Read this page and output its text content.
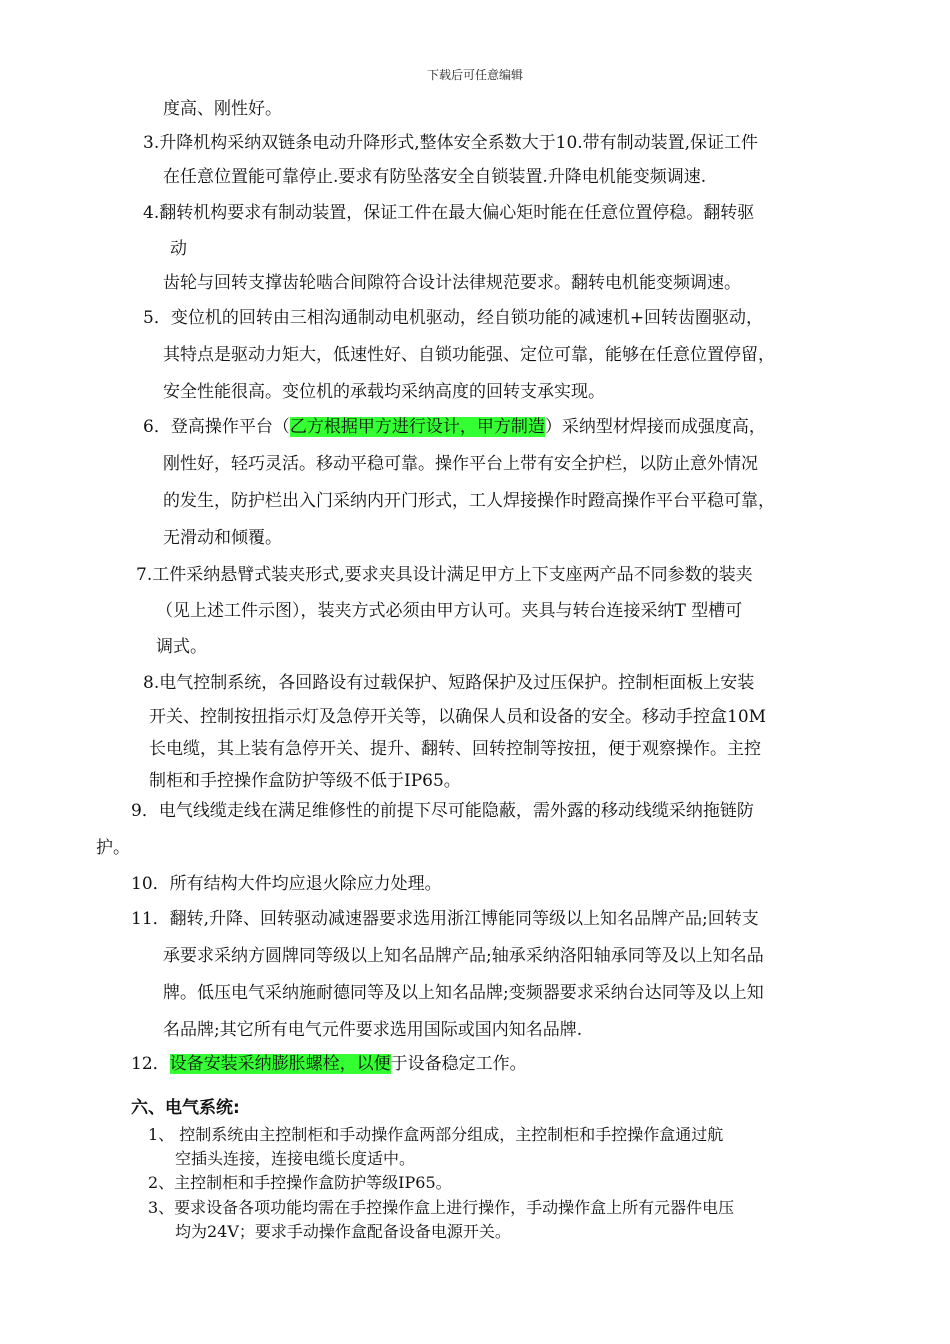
下载后可任意编辑
度高、刚性好。
3.升降机构采纳双链条电动升降形式,整体安全系数大于10.带有制动装置,保证工件
在任意位置能可靠停止.要求有防坠落安全自锁装置.升降电机能变频调速.
4.翻转机构要求有制动装置，保证工件在最大偏心矩时能在任意位置停稳。翻转驱
动
齿轮与回转支撑齿轮啮合间隙符合设计法律规范要求。翻转电机能变频调速。
5．变位机的回转由三相沟通制动电机驱动，经自锁功能的减速机+回转齿圈驱动，
其特点是驱动力矩大，低速性好、自锁功能强、定位可靠，能够在任意位置停留，
安全性能很高。变位机的承载均采纳高度的回转支承实现。
6．登高操作平台（乙方根据甲方进行设计，甲方制造）采纳型材焊接而成强度高，
刚性好，轻巧灵活。移动平稳可靠。操作平台上带有安全护栏，以防止意外情况
的发生，防护栏出入门采纳内开门形式，工人焊接操作时蹬高操作平台平稳可靠，
无滑动和倾覆。
7.工件采纳悬臂式装夹形式,要求夹具设计满足甲方上下支座两产品不同参数的装夹
（见上述工件示图），装夹方式必须由甲方认可。夹具与转台连接采纳T 型槽可
调式。
8.电气控制系统，各回路设有过载保护、短路保护及过压保护。控制柜面板上安装
开关、控制按扭指示灯及急停开关等，以确保人员和设备的安全。移动手控盒10M
长电缆，其上装有急停开关、提升、翻转、回转控制等按扭，便于观察操作。主控
制柜和手控操作盒防护等级不低于IP65。
9．电气线缆走线在满足维修性的前提下尽可能隐蔽，需外露的移动线缆采纳拖链防
护。
10．所有结构大件均应退火除应力处理。
11．翻转,升降、回转驱动减速器要求选用浙江博能同等级以上知名品牌产品;回转支
承要求采纳方圆牌同等级以上知名品牌产品;轴承采纳洛阳轴承同等及以上知名品
牌。低压电气采纳施耐德同等及以上知名品牌;变频器要求采纳台达同等及以上知
名品牌;其它所有电气元件要求选用国际或国内知名品牌.
12．设备安装采纳膨胀螺栓，以便于设备稳定工作。
六、电气系统:
1、 控制系统由主控制柜和手动操作盒两部分组成，主控制柜和手控操作盒通过航
空插头连接，连接电缆长度适中。
2、主控制柜和手控操作盒防护等级IP65。
3、要求设备各项功能均需在手控操作盒上进行操作，手动操作盒上所有元器件电压
均为24V；要求手动操作盒配备设备电源开关。
